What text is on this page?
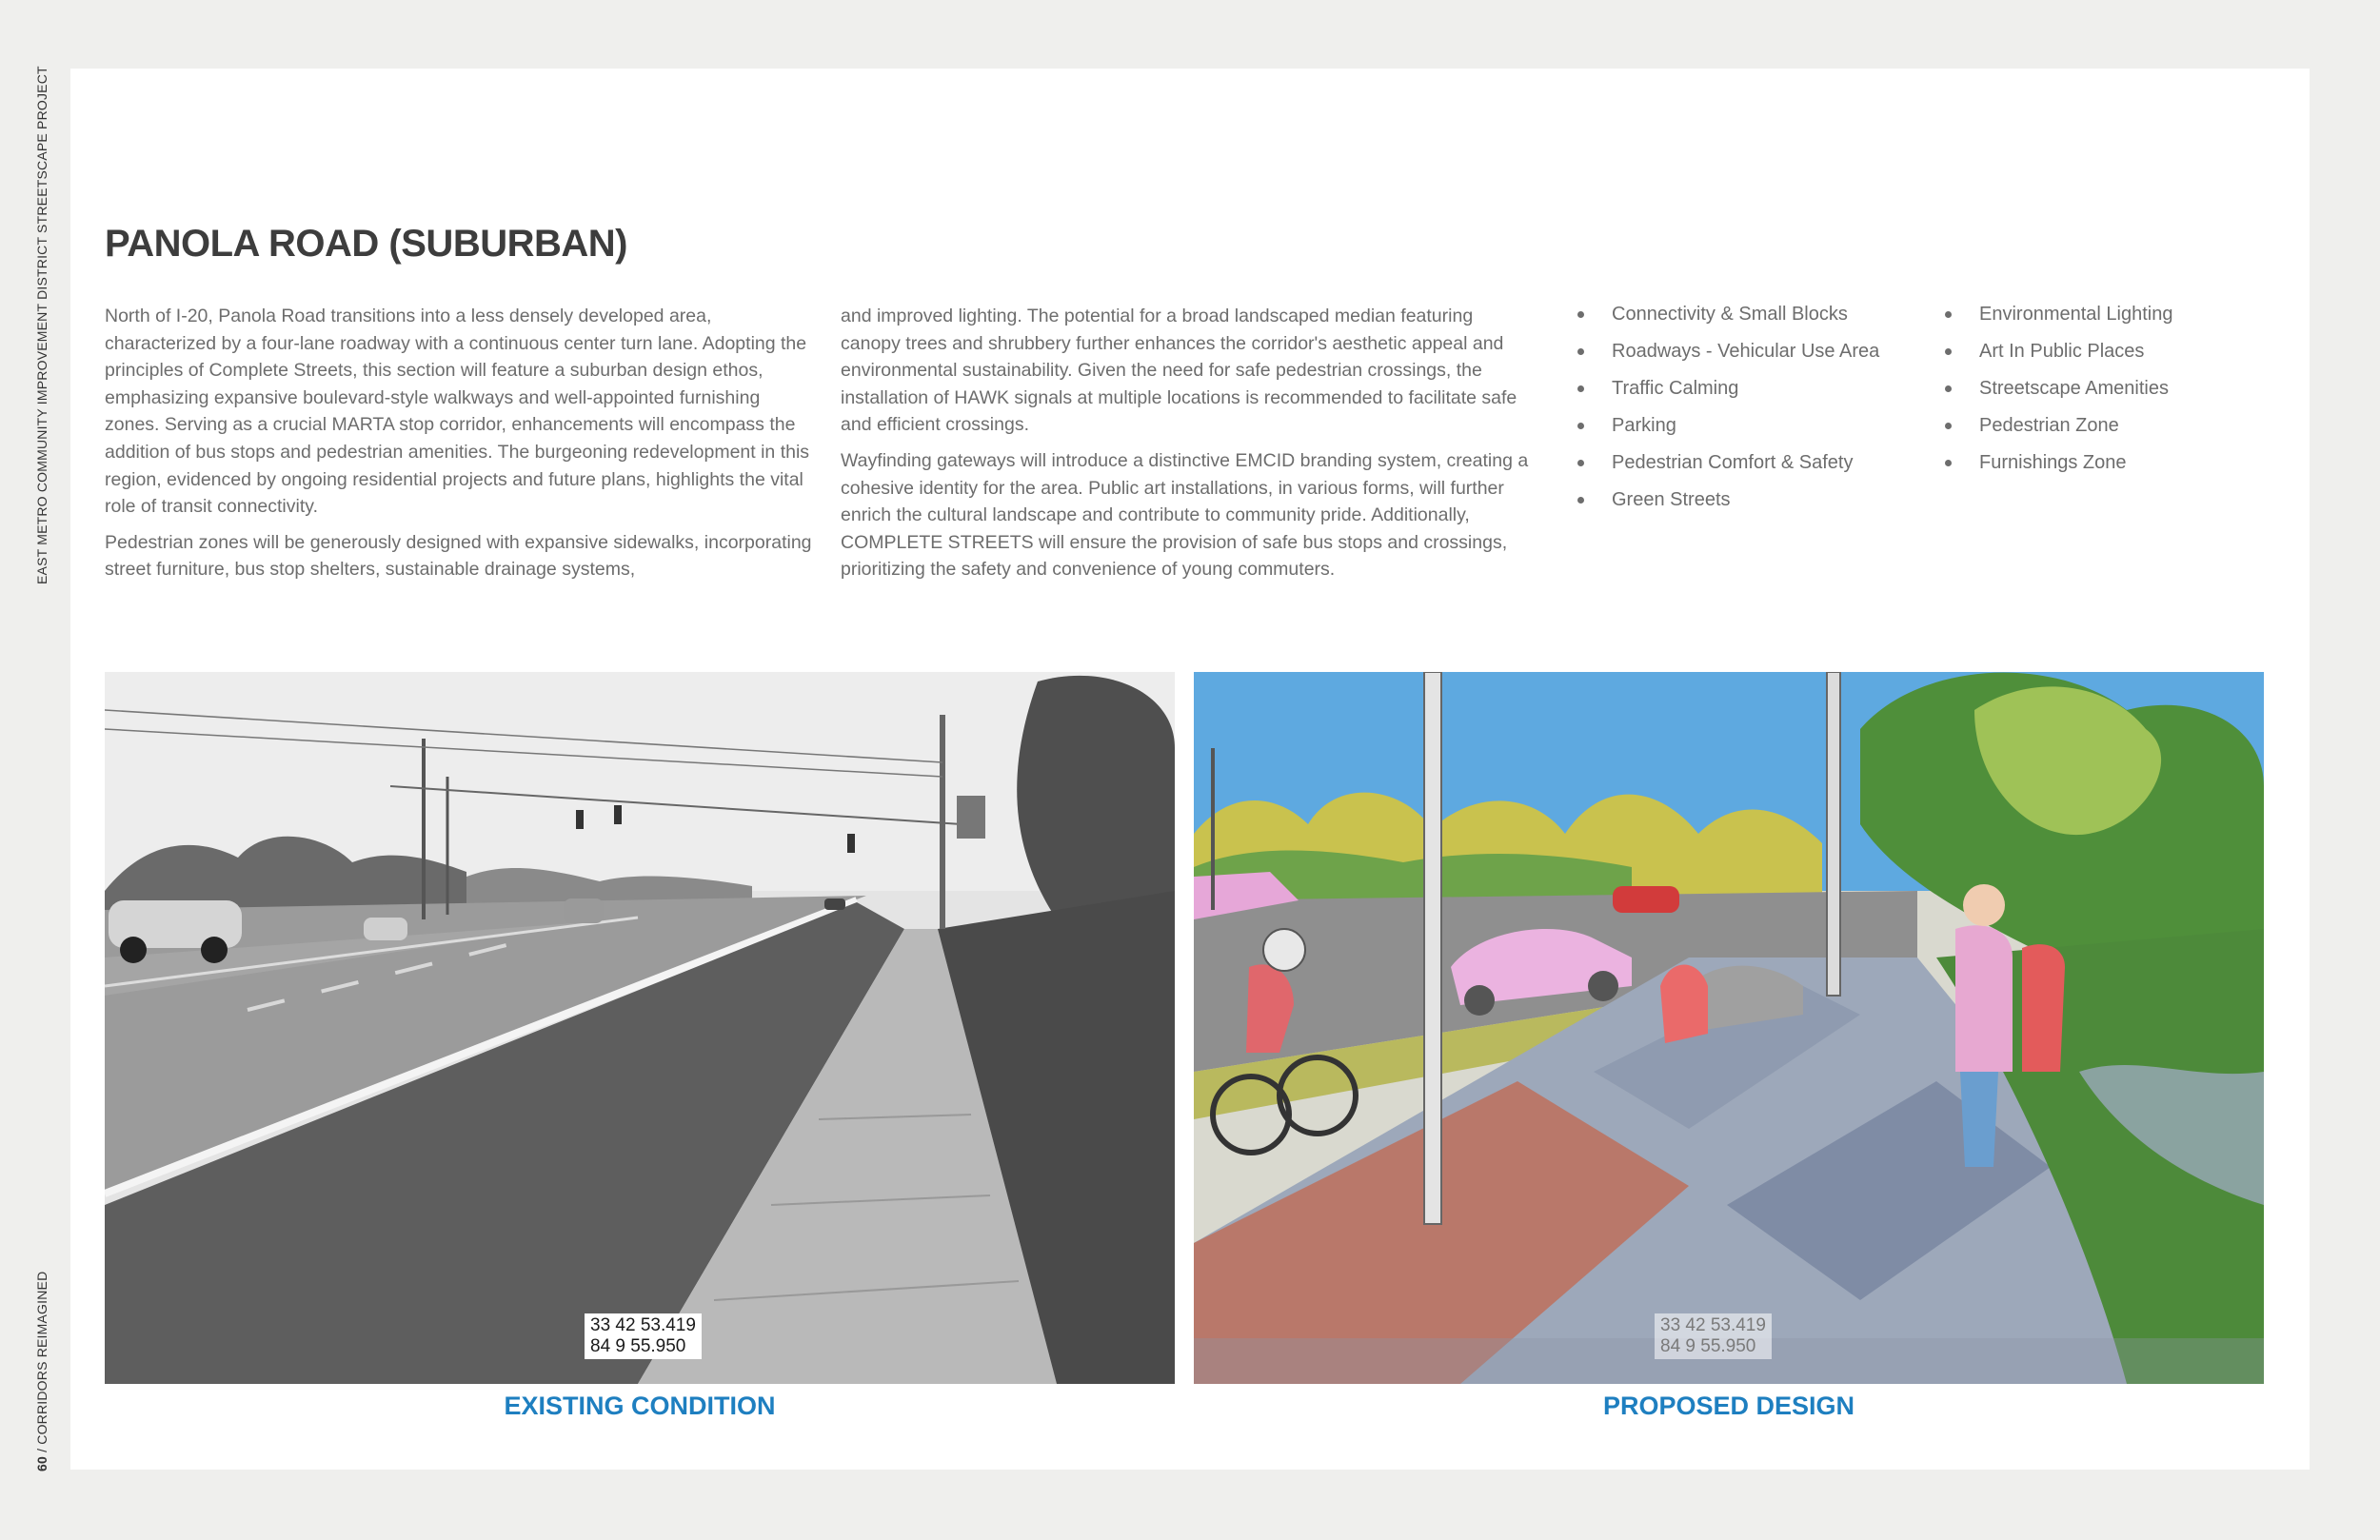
EAST METRO COMMUNITY IMPROVEMENT DISTRICT STREETSCAPE PROJECT
60 / CORRIDORS REIMAGINED
PANOLA ROAD (SUBURBAN)

North of I-20, Panola Road transitions into a less densely developed area, characterized by a four-lane roadway with a continuous center turn lane. Adopting the principles of Complete Streets, this section will feature a suburban design ethos, emphasizing expansive boulevard-style walkways and well-appointed furnishing zones. Serving as a crucial MARTA stop corridor, enhancements will encompass the addition of bus stops and pedestrian amenities. The burgeoning redevelopment in this region, evidenced by ongoing residential projects and future plans, highlights the vital role of transit connectivity.

Pedestrian zones will be generously designed with expansive sidewalks, incorporating street furniture, bus stop shelters, sustainable drainage systems,

and improved lighting. The potential for a broad landscaped median featuring canopy trees and shrubbery further enhances the corridor's aesthetic appeal and environmental sustainability. Given the need for safe pedestrian crossings, the installation of HAWK signals at multiple locations is recommended to facilitate safe and efficient crossings.

Wayfinding gateways will introduce a distinctive EMCID branding system, creating a cohesive identity for the area. Public art installations, in various forms, will further enrich the cultural landscape and contribute to community pride. Additionally, COMPLETE STREETS will ensure the provision of safe bus stops and crossings, prioritizing the safety and convenience of young commuters.

Connectivity & Small Blocks
Roadways - Vehicular Use Area
Traffic Calming
Parking
Pedestrian Comfort & Safety
Green Streets
Environmental Lighting
Art In Public Places
Streetscape Amenities
Pedestrian Zone
Furnishings Zone
33 42 53.419
84 9 55.950
33 42 53.419
84 9 55.950

EXISTING CONDITION	PROPOSED DESIGN
